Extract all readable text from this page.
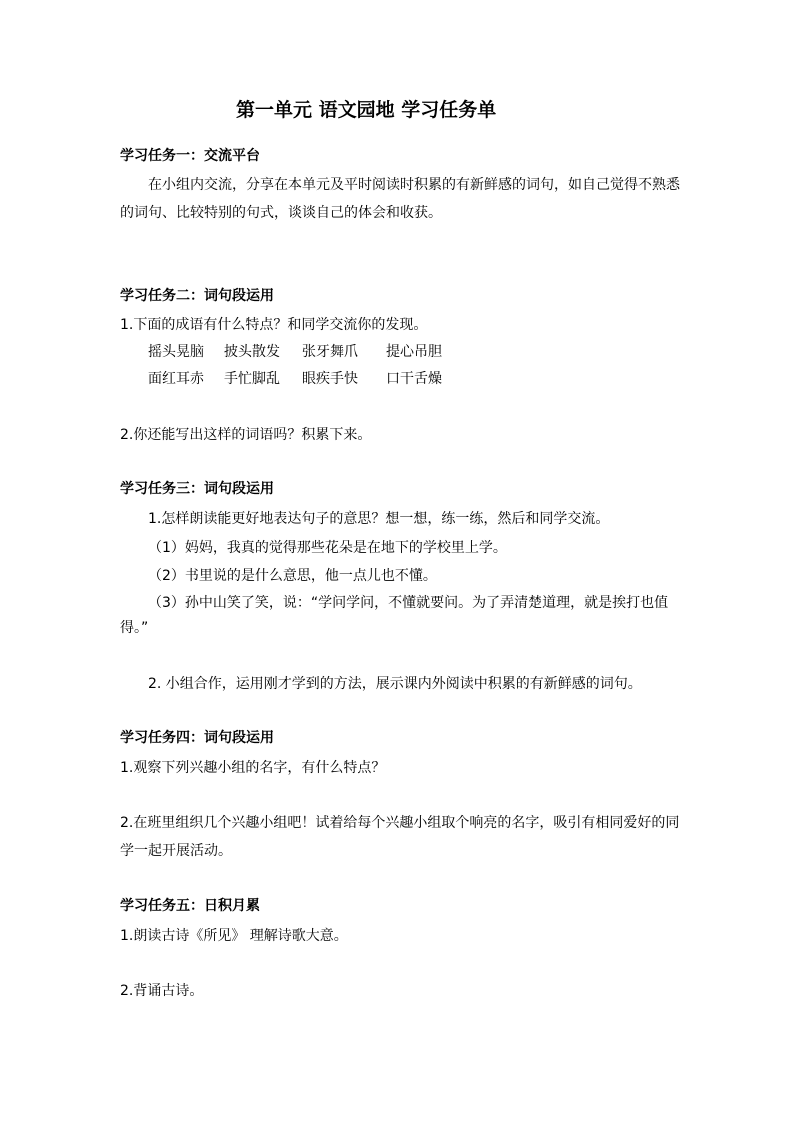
第一单元 语文园地 学习任务单
学习任务一：交流平台
在小组内交流，分享在本单元及平时阅读时积累的有新鲜感的词句，如自己觉得不熟悉
的词句、比较特别的句式，谈谈自己的体会和收获。
学习任务二：词句段运用
1.下面的成语有什么特点？和同学交流你的发现。
摇头晃脑 披头散发 张牙舞爪 提心吊胆
面红耳赤 手忙脚乱 眼疾手快 口干舌燥
2.你还能写出这样的词语吗？积累下来。
学习任务三：词句段运用
1.怎样朗读能更好地表达句子的意思？想一想，练一练，然后和同学交流。
（1）妈妈，我真的觉得那些花朵是在地下的学校里上学。
（2）书里说的是什么意思，他一点儿也不懂。
（3）孙中山笑了笑，说：“学问学问，不懂就要问。为了弄清楚道理，就是挨打也值
得。”
2. 小组合作，运用刚才学到的方法，展示课内外阅读中积累的有新鲜感的词句。
学习任务四：词句段运用
1.观察下列兴趣小组的名字，有什么特点？
2.在班里组织几个兴趣小组吧！试着给每个兴趣小组取个响亮的名字，吸引有相同爱好的同
学一起开展活动。
学习任务五：日积月累
1.朗读古诗《所见》 理解诗歌大意。
2.背诵古诗。
